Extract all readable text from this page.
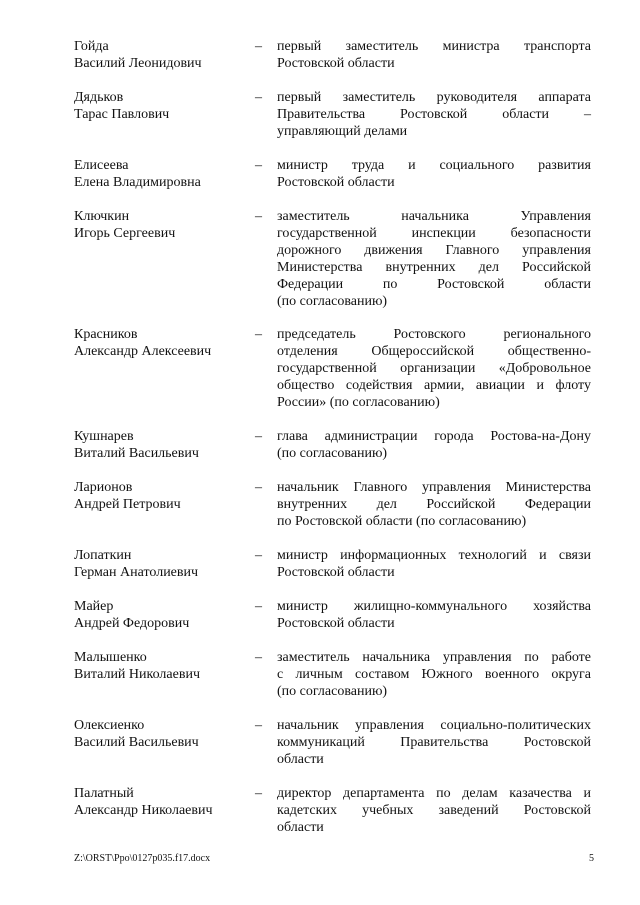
Гойда
Василий Леонидович
– первый заместитель министра транспорта
Ростовской области
Дядьков
Тарас Павлович
– первый заместитель руководителя аппарата
Правительства Ростовской области –
управляющий делами
Елисеева
Елена Владимировна
– министр труда и социального развития
Ростовской области
Ключкин
Игорь Сергеевич
– заместитель начальника Управления
государственной инспекции безопасности
дорожного движения Главного управления
Министерства внутренних дел Российской
Федерации по Ростовской области
(по согласованию)
Красников
Александр Алексеевич
– председатель Ростовского регионального
отделения Общероссийской общественно-
государственной организации «Добровольное
общество содействия армии, авиации и флоту
России» (по согласованию)
Кушнарев
Виталий Васильевич
– глава администрации города Ростова-на-Дону
(по согласованию)
Ларионов
Андрей Петрович
– начальник Главного управления Министерства
внутренних дел Российской Федерации
по Ростовской области (по согласованию)
Лопаткин
Герман Анатолиевич
– министр информационных технологий и связи
Ростовской области
Майер
Андрей Федорович
– министр жилищно-коммунального хозяйства
Ростовской области
Малышенко
Виталий Николаевич
– заместитель начальника управления по работе
с личным составом Южного военного округа
(по согласованию)
Олексиенко
Василий Васильевич
– начальник управления социально-политических
коммуникаций Правительства Ростовской
области
Палатный
Александр Николаевич
– директор департамента по делам казачества и
кадетских учебных заведений Ростовской
области
Z:\ORST\Ppo\0127p035.f17.docx	5
